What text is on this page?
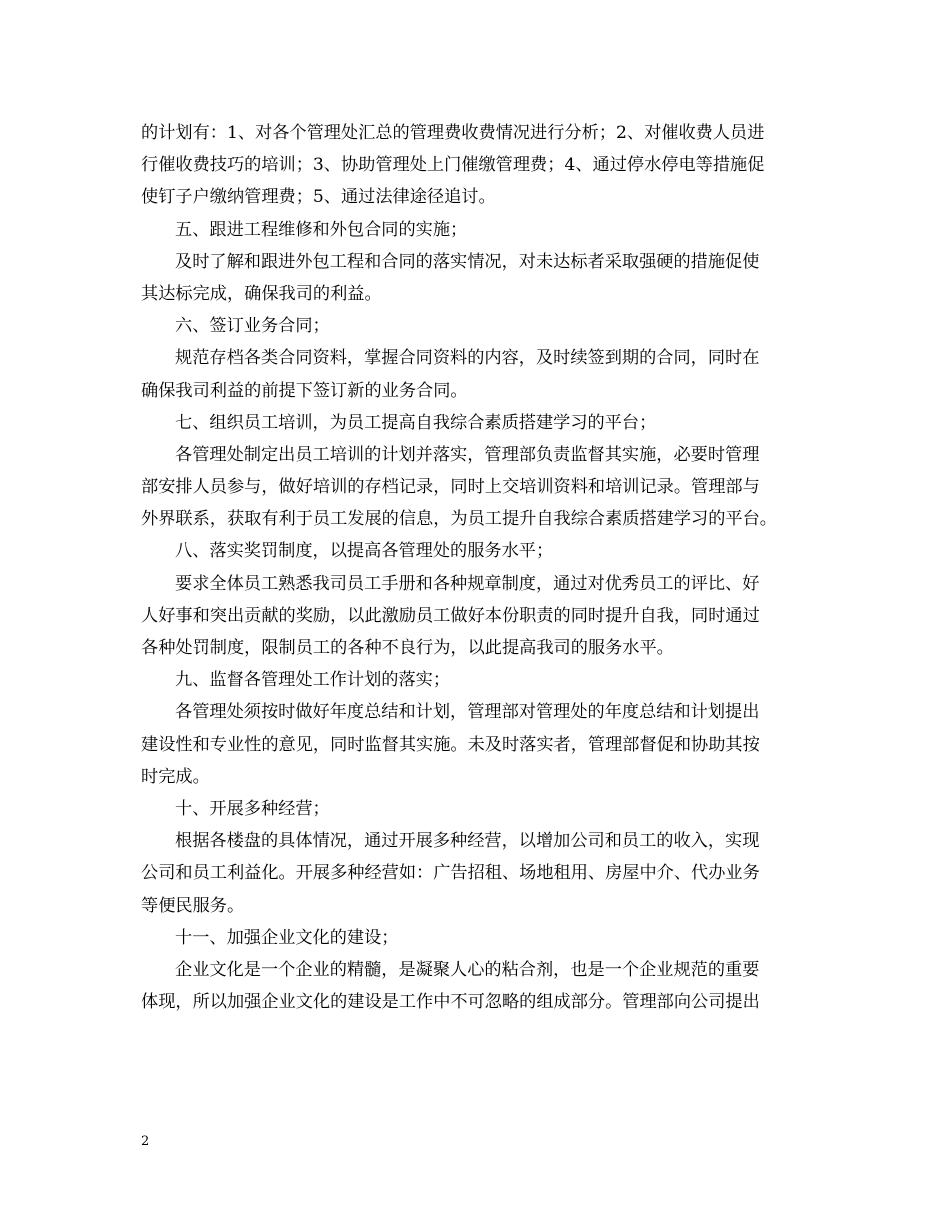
的计划有：1、对各个管理处汇总的管理费收费情况进行分析；2、对催收费人员进
行催收费技巧的培训；3、协助管理处上门催缴管理费；4、通过停水停电等措施促
使钉子户缴纳管理费；5、通过法律途径追讨。
五、跟进工程维修和外包合同的实施；
及时了解和跟进外包工程和合同的落实情况，对未达标者采取强硬的措施促使
其达标完成，确保我司的利益。
六、签订业务合同；
规范存档各类合同资料，掌握合同资料的内容，及时续签到期的合同，同时在
确保我司利益的前提下签订新的业务合同。
七、组织员工培训，为员工提高自我综合素质搭建学习的平台；
各管理处制定出员工培训的计划并落实，管理部负责监督其实施，必要时管理
部安排人员参与，做好培训的存档记录，同时上交培训资料和培训记录。管理部与
外界联系，获取有利于员工发展的信息，为员工提升自我综合素质搭建学习的平台。
八、落实奖罚制度，以提高各管理处的服务水平；
要求全体员工熟悉我司员工手册和各种规章制度，通过对优秀员工的评比、好
人好事和突出贡献的奖励，以此激励员工做好本份职责的同时提升自我，同时通过
各种处罚制度，限制员工的各种不良行为，以此提高我司的服务水平。
九、监督各管理处工作计划的落实；
各管理处须按时做好年度总结和计划，管理部对管理处的年度总结和计划提出
建设性和专业性的意见，同时监督其实施。未及时落实者，管理部督促和协助其按
时完成。
十、开展多种经营；
根据各楼盘的具体情况，通过开展多种经营，以增加公司和员工的收入，实现
公司和员工利益化。开展多种经营如：广告招租、场地租用、房屋中介、代办业务
等便民服务。
十一、加强企业文化的建设；
企业文化是一个企业的精髓，是凝聚人心的粘合剂，也是一个企业规范的重要
体现，所以加强企业文化的建设是工作中不可忽略的组成部分。管理部向公司提出
2
